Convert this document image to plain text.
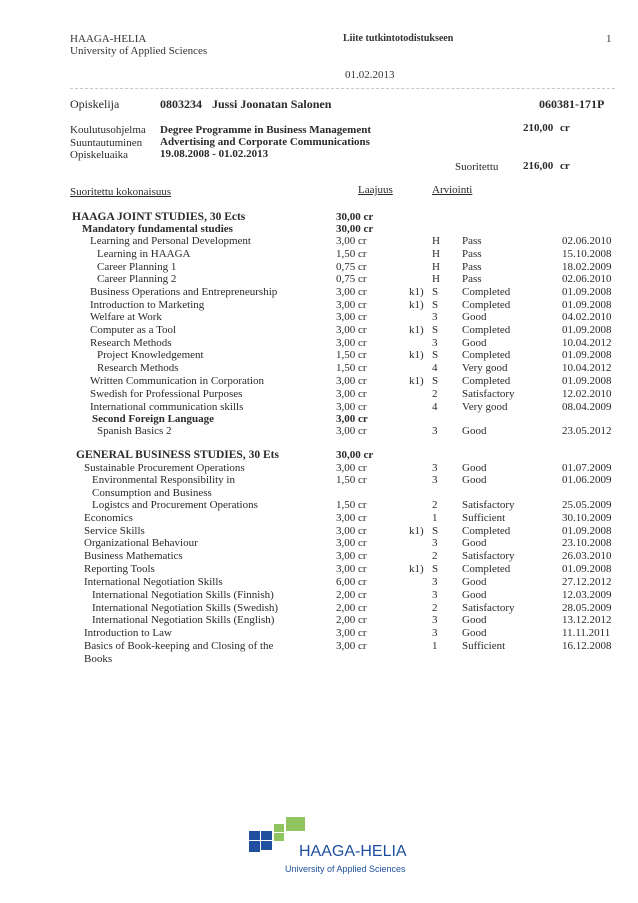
HAAGA-HELIA
University of Applied Sciences
Liite tutkintotodistukseen	1
01.02.2013
Opiskelija	0803234 Jussi Joonatan Salonen	060381-171P
Koulutusohjelma Degree Programme in Business Management	210,00 cr
Suuntautuminen Advertising and Corporate Communications
Opiskeluaika	19.08.2008 - 01.02.2013
Suoritettu 216,00 cr
Suoritettu kokonaisuus	Laajuus	Arviointi
HAAGA JOINT STUDIES, 30 Ects	30,00 cr
Mandatory fundamental studies	30,00 cr
Learning and Personal Development	3,00 cr	H Pass	02.06.2010
Learning in HAAGA	1,50 cr	H Pass	15.10.2008
Career Planning 1	0,75 cr	H Pass	18.02.2009
Career Planning 2	0,75 cr	H Pass	02.06.2010
Business Operations and Entrepreneurship	3,00 cr	k1) S Completed	01.09.2008
Introduction to Marketing	3,00 cr	k1) S Completed	01.09.2008
Welfare at Work	3,00 cr	3 Good	04.02.2010
Computer as a Tool	3,00 cr	k1) S Completed	01.09.2008
Research Methods	3,00 cr	3 Good	10.04.2012
Project Knowledgement	1,50 cr	k1) S Completed	01.09.2008
Research Methods	1,50 cr	4 Very good	10.04.2012
Written Communication in Corporation	3,00 cr	k1) S Completed	01.09.2008
Swedish for Professional Purposes	3,00 cr	2 Satisfactory	12.02.2010
International communication skills	3,00 cr	4 Very good	08.04.2009
Second Foreign Language	3,00 cr
Spanish Basics 2	3,00 cr	3 Good	23.05.2012
GENERAL BUSINESS STUDIES, 30 Ets	30,00 cr
Sustainable Procurement Operations	3,00 cr	3 Good	01.07.2009
Environmental Responsibility in	1,50 cr	3 Good	01.06.2009
Consumption and Business
Logistcs and Procurement Operations	1,50 cr	2 Satisfactory	25.05.2009
Economics	3,00 cr	1 Sufficient	30.10.2009
Service Skills	3,00 cr	k1) S Completed	01.09.2008
Organizational Behaviour	3,00 cr	3 Good	23.10.2008
Business Mathematics	3,00 cr	2 Satisfactory	26.03.2010
Reporting Tools	3,00 cr	k1) S Completed	01.09.2008
International Negotiation Skills	6,00 cr	3 Good	27.12.2012
International Negotiation Skills (Finnish)	2,00 cr	3 Good	12.03.2009
International Negotiation Skills (Swedish)	2,00 cr	2 Satisfactory	28.05.2009
International Negotiation Skills (English)	2,00 cr	3 Good	13.12.2012
Introduction to Law	3,00 cr	3 Good	11.11.2011
Basics of Book-keeping and Closing of the	3,00 cr	1 Sufficient	16.12.2008
Books
HAAGA-HELIA
University of Applied Sciences
